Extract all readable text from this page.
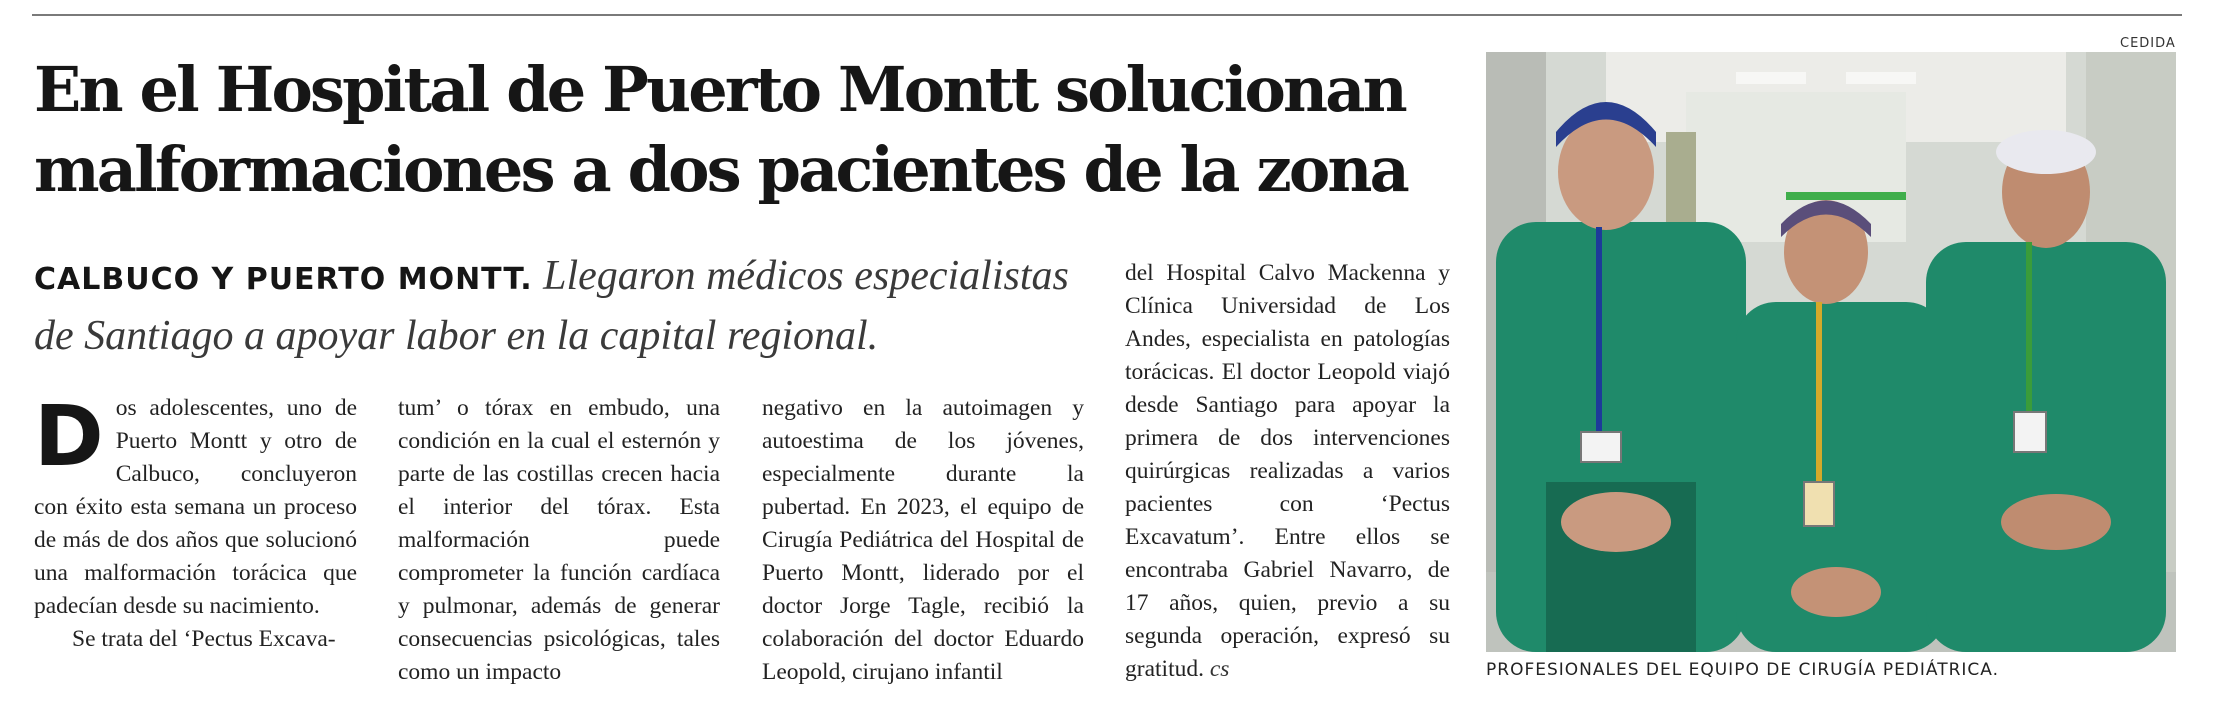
En el Hospital de Puerto Montt solucionan
malformaciones a dos pacientes de la zona
CALBUCO Y PUERTO MONTT. Llegaron médicos especialistas de Santiago a apoyar labor en la capital regional.
D os adolescentes, uno de Puerto Montt y otro de Calbuco, concluyeron con éxito esta semana un proceso de más de dos años que solucionó una malformación torácica que padecían desde su nacimiento.

Se trata del ‘Pectus Excava-

tum’ o tórax en embudo, una condición en la cual el esternón y parte de las costillas crecen hacia el interior del tórax. Esta malformación puede comprometer la función cardíaca y pulmonar, además de generar consecuencias psicológicas, tales como un impacto

negativo en la autoimagen y autoestima de los jóvenes, especialmente durante la pubertad. En 2023, el equipo de Cirugía Pediátrica del Hospital de Puerto Montt, liderado por el doctor Jorge Tagle, recibió la colaboración del doctor Eduardo Leopold, cirujano infantil

del Hospital Calvo Mackenna y Clínica Universidad de Los Andes, especialista en patologías torácicas. El doctor Leopold viajó desde Santiago para apoyar la primera de dos intervenciones quirúrgicas realizadas a varios pacientes con ‘Pectus Excavatum’. Entre ellos se encontraba Gabriel Navarro, de 17 años, quien, previo a su segunda operación, expresó su gratitud. cs

CEDIDA
PROFESIONALES DEL EQUIPO DE CIRUGÍA PEDIÁTRICA.
